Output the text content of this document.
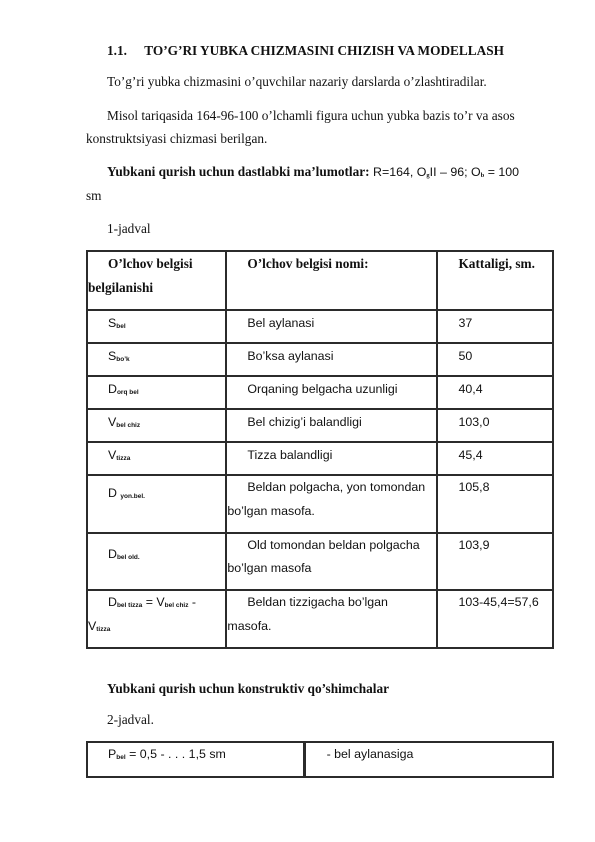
1.1. TO’G’RI YUBKA CHIZMASINI CHIZISH VA MODELLASH
To’g’ri yubka chizmasini o’quvchilar nazariy darslarda o’zlashtiradilar.
Misol tariqasida 164-96-100 o’lchamli figura uchun yubka bazis to’r va asos
konstruktsiyasi chizmasi berilgan.
Yubkani qurish uchun dastlabki ma’lumotlar: R=164, $O_gII - 96$; $O_b = 100$
sm
1-jadval
O’lchov belgisi
belgilanishi	O’lchov belgisi nomi:	Kattaligi, sm.

$S_{bel}$	Bel aylanasi	37

$S_{bo’k}$	Bo’ksa aylanasi	50

$D_{orq bel}$	Orqaning belgacha uzunligi	40,4

$V_{bel chiz}$	Bel chizig’i balandligi	103,0

$V_{tizza}$	Tizza balandligi	45,4

D $_{yon.bel.}$	Beldan polgacha, yon tomondan
bo’lgan masofa.	105,8

$D_{bel old.}$	Old tomondan beldan polgacha
bo’lgan masofa	103,9

$D_{bel tizza} = V_{bel chiz}$ -
$V_{tizza}$	Beldan tizzigacha bo’lgan
masofa.	103-45,4=57,6
Yubkani qurish uchun konstruktiv qo’shimchalar
2-jadval.
$P_{bel} = 0,5$ - . . . 1,5 sm	- bel aylanasiga
